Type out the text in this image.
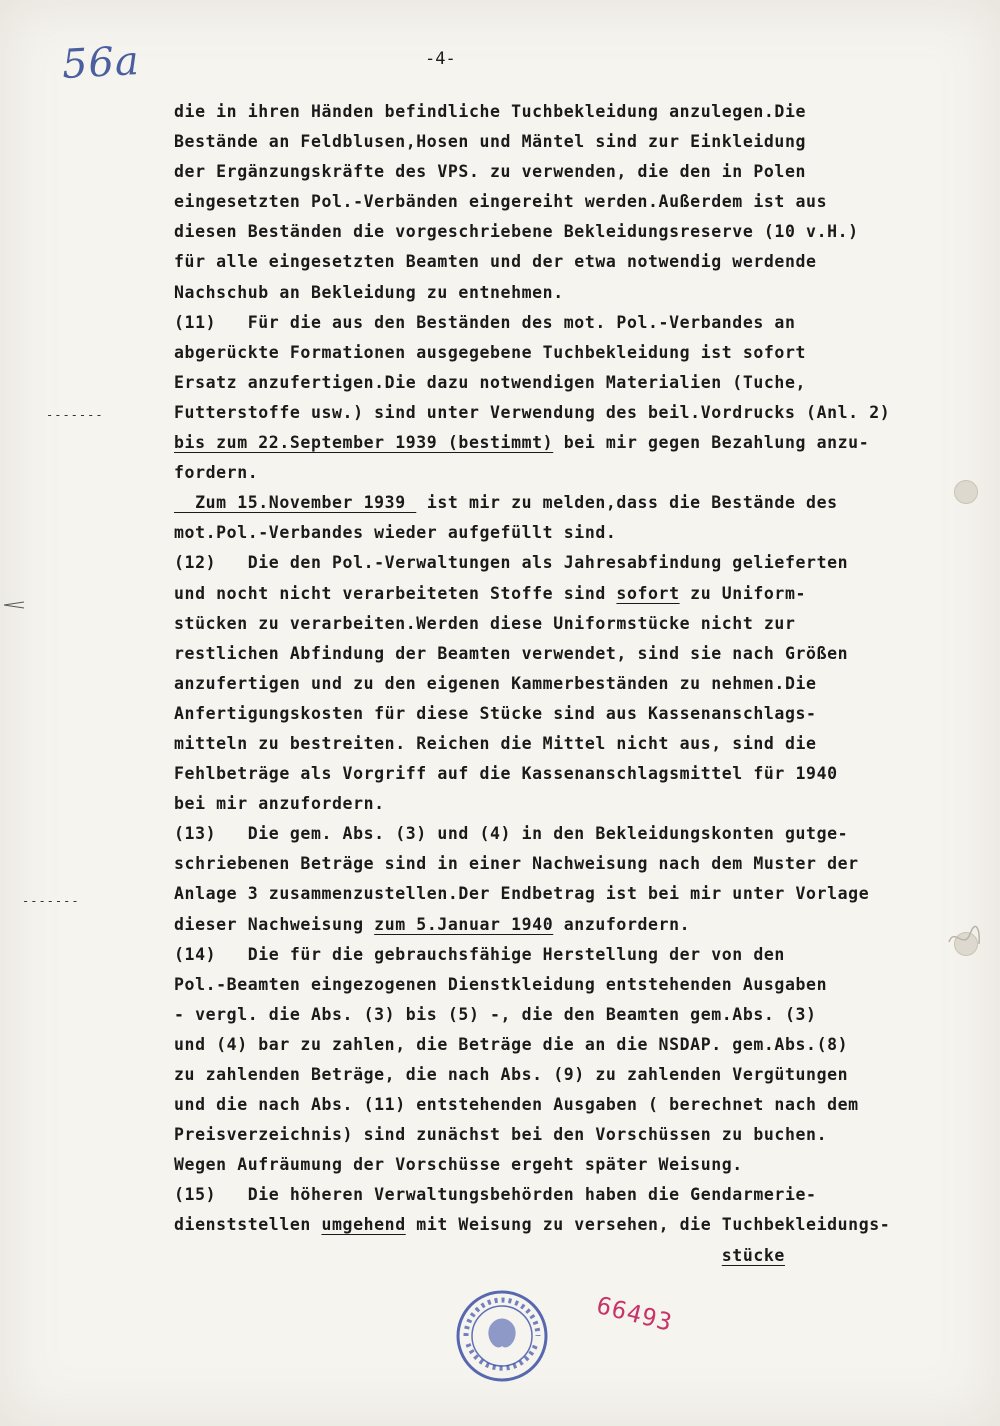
56a	-4-
-------
-------
die in ihren Händen befindliche Tuchbekleidung anzulegen.Die
Bestände an Feldblusen,Hosen und Mäntel sind zur Einkleidung
der Ergänzungskräfte des VPS. zu verwenden, die den in Polen
eingesetzten Pol.-Verbänden eingereiht werden.Außerdem ist aus
diesen Beständen die vorgeschriebene Bekleidungsreserve (10 v.H.)
für alle eingesetzten Beamten und der etwa notwendig werdende
Nachschub an Bekleidung zu entnehmen.
(11)   Für die aus den Beständen des mot. Pol.-Verbandes an
abgerückte Formationen ausgegebene Tuchbekleidung ist sofort
Ersatz anzufertigen.Die dazu notwendigen Materialien (Tuche,
Futterstoffe usw.) sind unter Verwendung des beil.Vordrucks (Anl. 2)
bis zum 22.September 1939 (bestimmt) bei mir gegen Bezahlung anzu-
fordern.
Zum 15.November 1939  ist mir zu melden,dass die Bestände des
mot.Pol.-Verbandes wieder aufgefüllt sind.
(12)   Die den Pol.-Verwaltungen als Jahresabfindung gelieferten
und nocht nicht verarbeiteten Stoffe sind sofort zu Uniform-
stücken zu verarbeiten.Werden diese Uniformstücke nicht zur
restlichen Abfindung der Beamten verwendet, sind sie nach Größen
anzufertigen und zu den eigenen Kammerbeständen zu nehmen.Die
Anfertigungskosten für diese Stücke sind aus Kassenanschlags-
mitteln zu bestreiten. Reichen die Mittel nicht aus, sind die
Fehlbeträge als Vorgriff auf die Kassenanschlagsmittel für 1940
bei mir anzufordern.
(13)   Die gem. Abs. (3) und (4) in den Bekleidungskonten gutge-
schriebenen Beträge sind in einer Nachweisung nach dem Muster der
Anlage 3 zusammenzustellen.Der Endbetrag ist bei mir unter Vorlage
dieser Nachweisung zum 5.Januar 1940 anzufordern.
(14)   Die für die gebrauchsfähige Herstellung der von den
Pol.-Beamten eingezogenen Dienstkleidung entstehenden Ausgaben
- vergl. die Abs. (3) bis (5) -, die den Beamten gem.Abs. (3)
und (4) bar zu zahlen, die Beträge die an die NSDAP. gem.Abs.(8)
zu zahlenden Beträge, die nach Abs. (9) zu zahlenden Vergütungen
und die nach Abs. (11) entstehenden Ausgaben ( berechnet nach dem
Preisverzeichnis) sind zunächst bei den Vorschüssen zu buchen.
Wegen Aufräumung der Vorschüsse ergeht später Weisung.
(15)   Die höheren Verwaltungsbehörden haben die Gendarmerie-
dienststellen umgehend mit Weisung zu versehen, die Tuchbekleidungs-
stücke
66493
